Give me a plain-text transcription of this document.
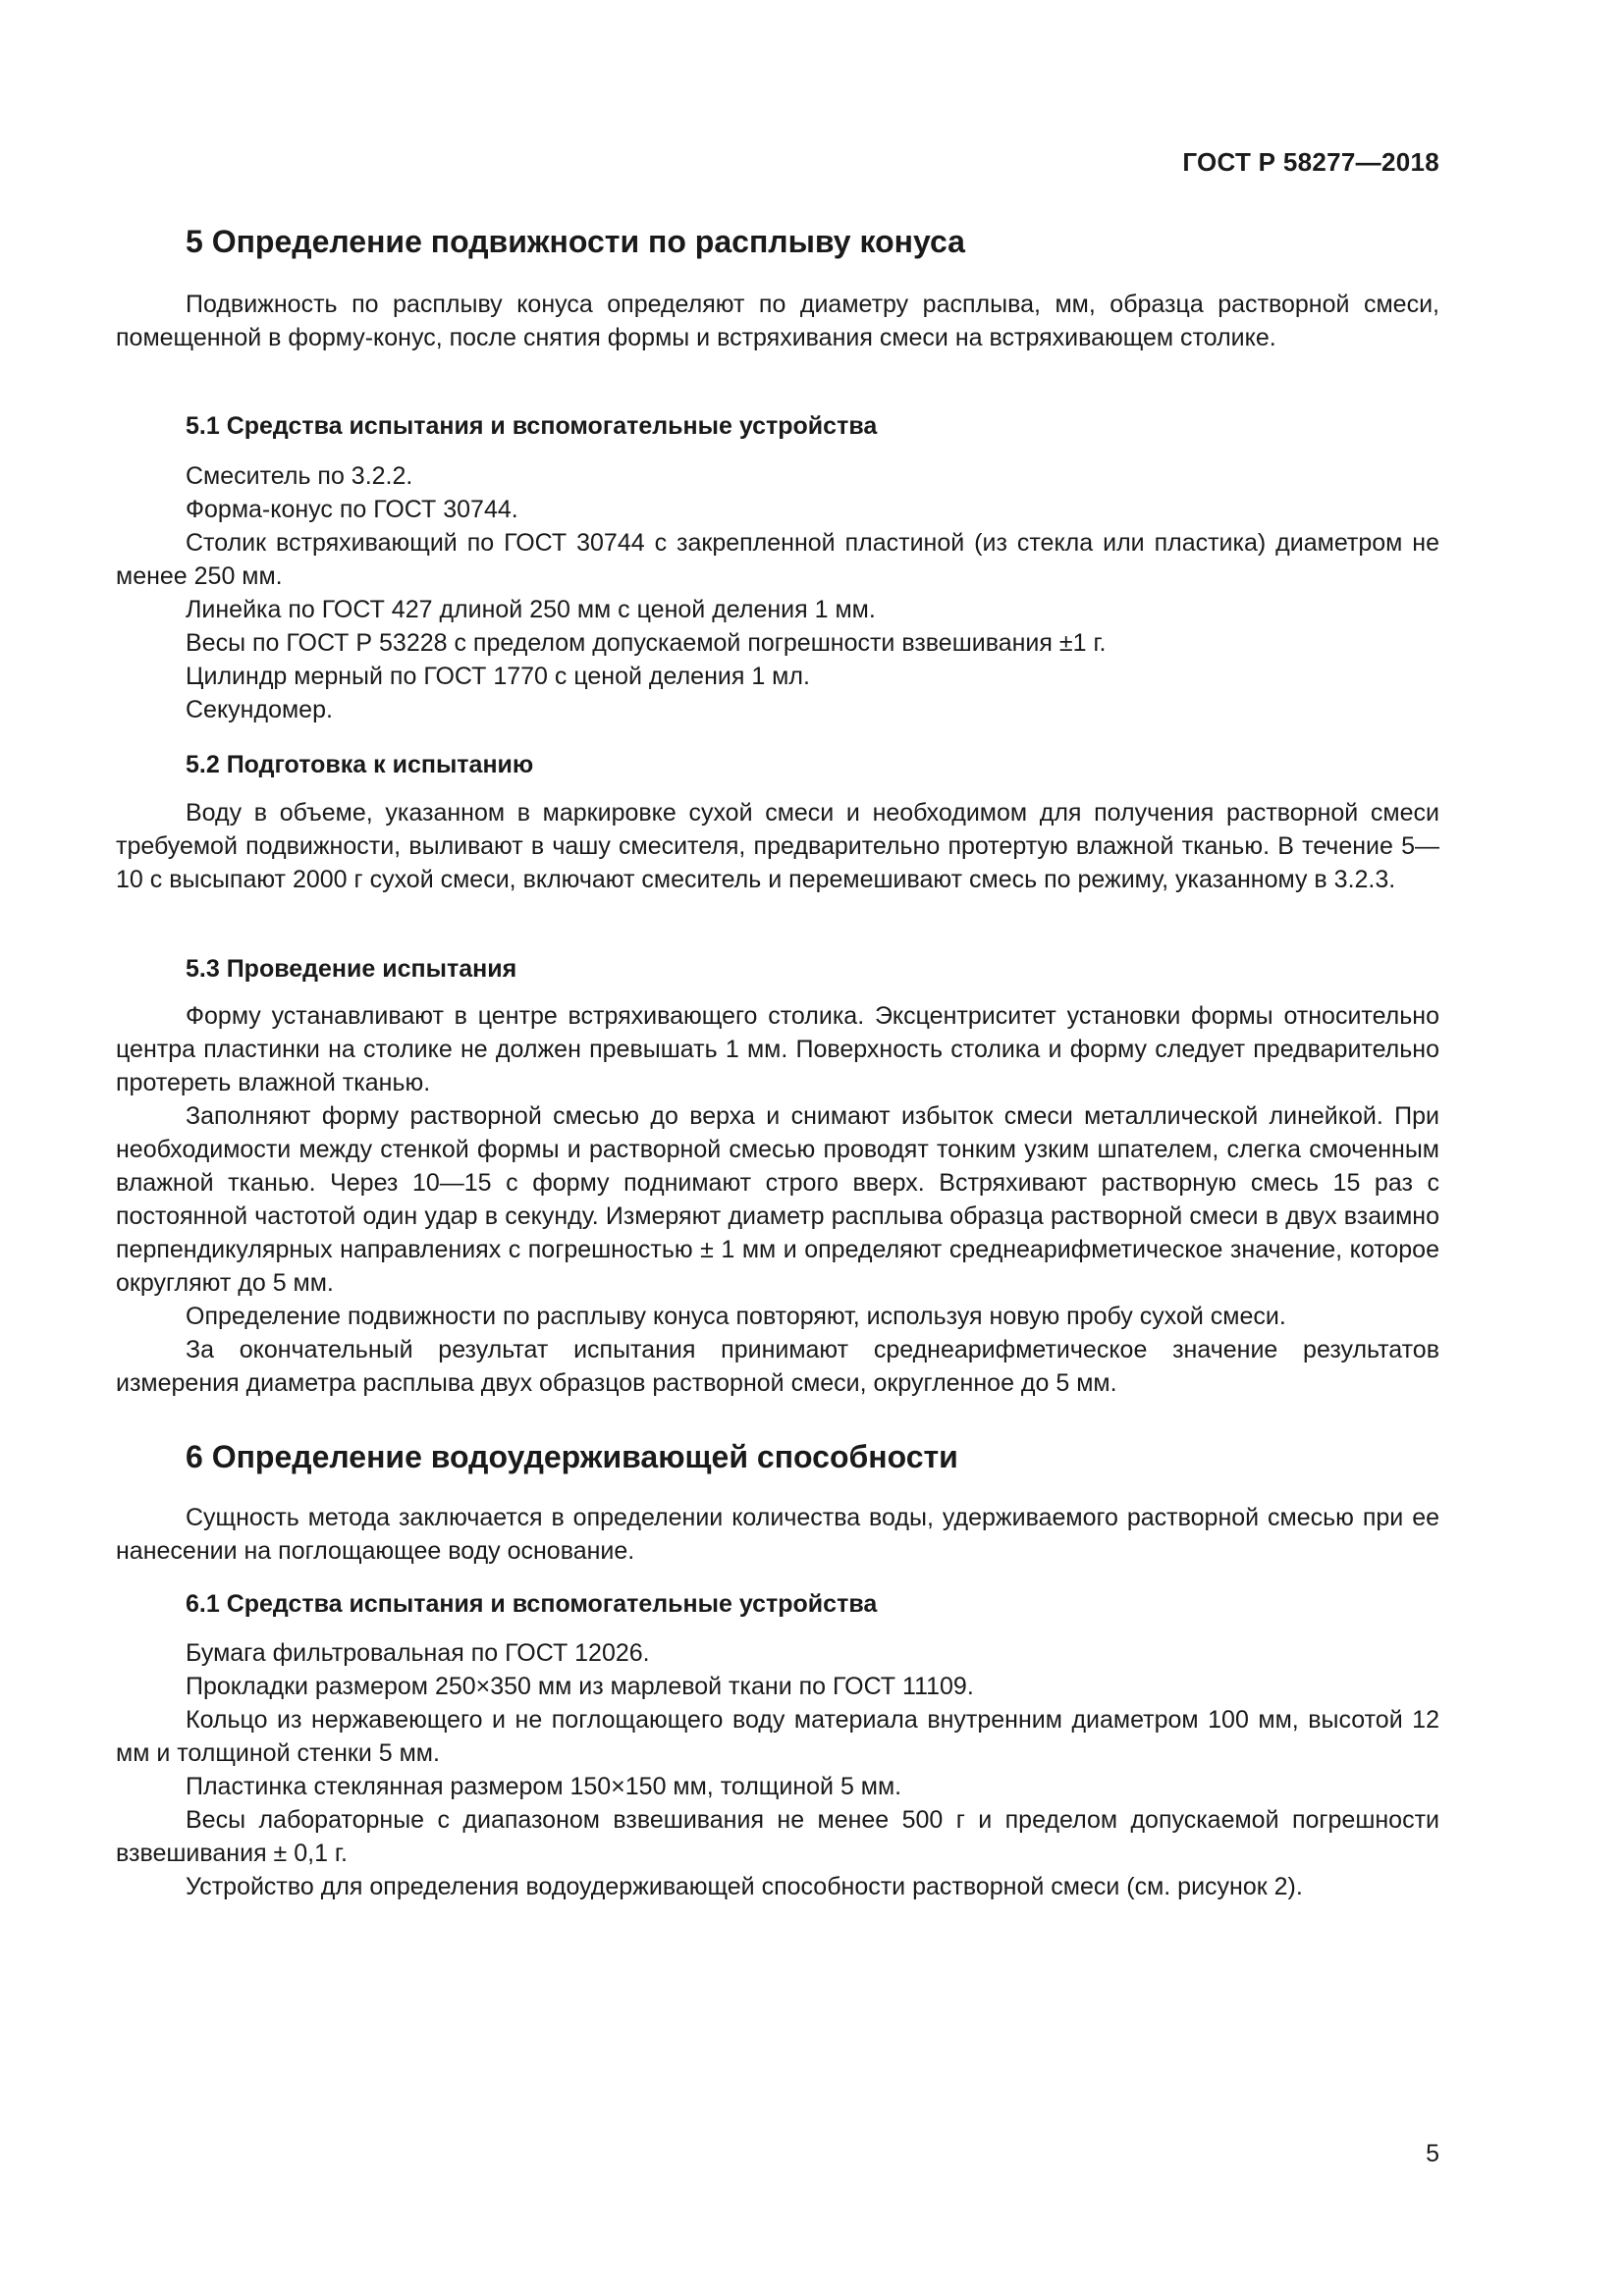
ГОСТ Р 58277—2018
5 Определение подвижности по расплыву конуса

Подвижность по расплыву конуса определяют по диаметру расплыва, мм, образца растворной смеси, помещенной в форму-конус, после снятия формы и встряхивания смеси на встряхивающем столике.

5.1 Средства испытания и вспомогательные устройства

Смеситель по 3.2.2.

Форма-конус по ГОСТ 30744.

Столик встряхивающий по ГОСТ 30744 с закрепленной пластиной (из стекла или пластика) диаметром не менее 250 мм.

Линейка по ГОСТ 427 длиной 250 мм с ценой деления 1 мм.

Весы по ГОСТ Р 53228 с пределом допускаемой погрешности взвешивания ±1 г.

Цилиндр мерный по ГОСТ 1770 с ценой деления 1 мл.

Секундомер.

5.2 Подготовка к испытанию

Воду в объеме, указанном в маркировке сухой смеси и необходимом для получения растворной смеси требуемой подвижности, выливают в чашу смесителя, предварительно протертую влажной тканью. В течение 5—10 с высыпают 2000 г сухой смеси, включают смеситель и перемешивают смесь по режиму, указанному в 3.2.3.

5.3 Проведение испытания

Форму устанавливают в центре встряхивающего столика. Эксцентриситет установки формы относительно центра пластинки на столике не должен превышать 1 мм. Поверхность столика и форму следует предварительно протереть влажной тканью.

Заполняют форму растворной смесью до верха и снимают избыток смеси металлической линейкой. При необходимости между стенкой формы и растворной смесью проводят тонким узким шпателем, слегка смоченным влажной тканью. Через 10—15 с форму поднимают строго вверх. Встряхивают растворную смесь 15 раз с постоянной частотой один удар в секунду. Измеряют диаметр расплыва образца растворной смеси в двух взаимно перпендикулярных направлениях с погрешностью ± 1 мм и определяют среднеарифметическое значение, которое округляют до 5 мм.

Определение подвижности по расплыву конуса повторяют, используя новую пробу сухой смеси.

За окончательный результат испытания принимают среднеарифметическое значение результатов измерения диаметра расплыва двух образцов растворной смеси, округленное до 5 мм.

6 Определение водоудерживающей способности

Сущность метода заключается в определении количества воды, удерживаемого растворной смесью при ее нанесении на поглощающее воду основание.

6.1 Средства испытания и вспомогательные устройства

Бумага фильтровальная по ГОСТ 12026.

Прокладки размером 250×350 мм из марлевой ткани по ГОСТ 11109.

Кольцо из нержавеющего и не поглощающего воду материала внутренним диаметром 100 мм, высотой 12 мм и толщиной стенки 5 мм.

Пластинка стеклянная размером 150×150 мм, толщиной 5 мм.

Весы лабораторные с диапазоном взвешивания не менее 500 г и пределом допускаемой погрешности взвешивания ± 0,1 г.

Устройство для определения водоудерживающей способности растворной смеси (см. рисунок 2).

5
